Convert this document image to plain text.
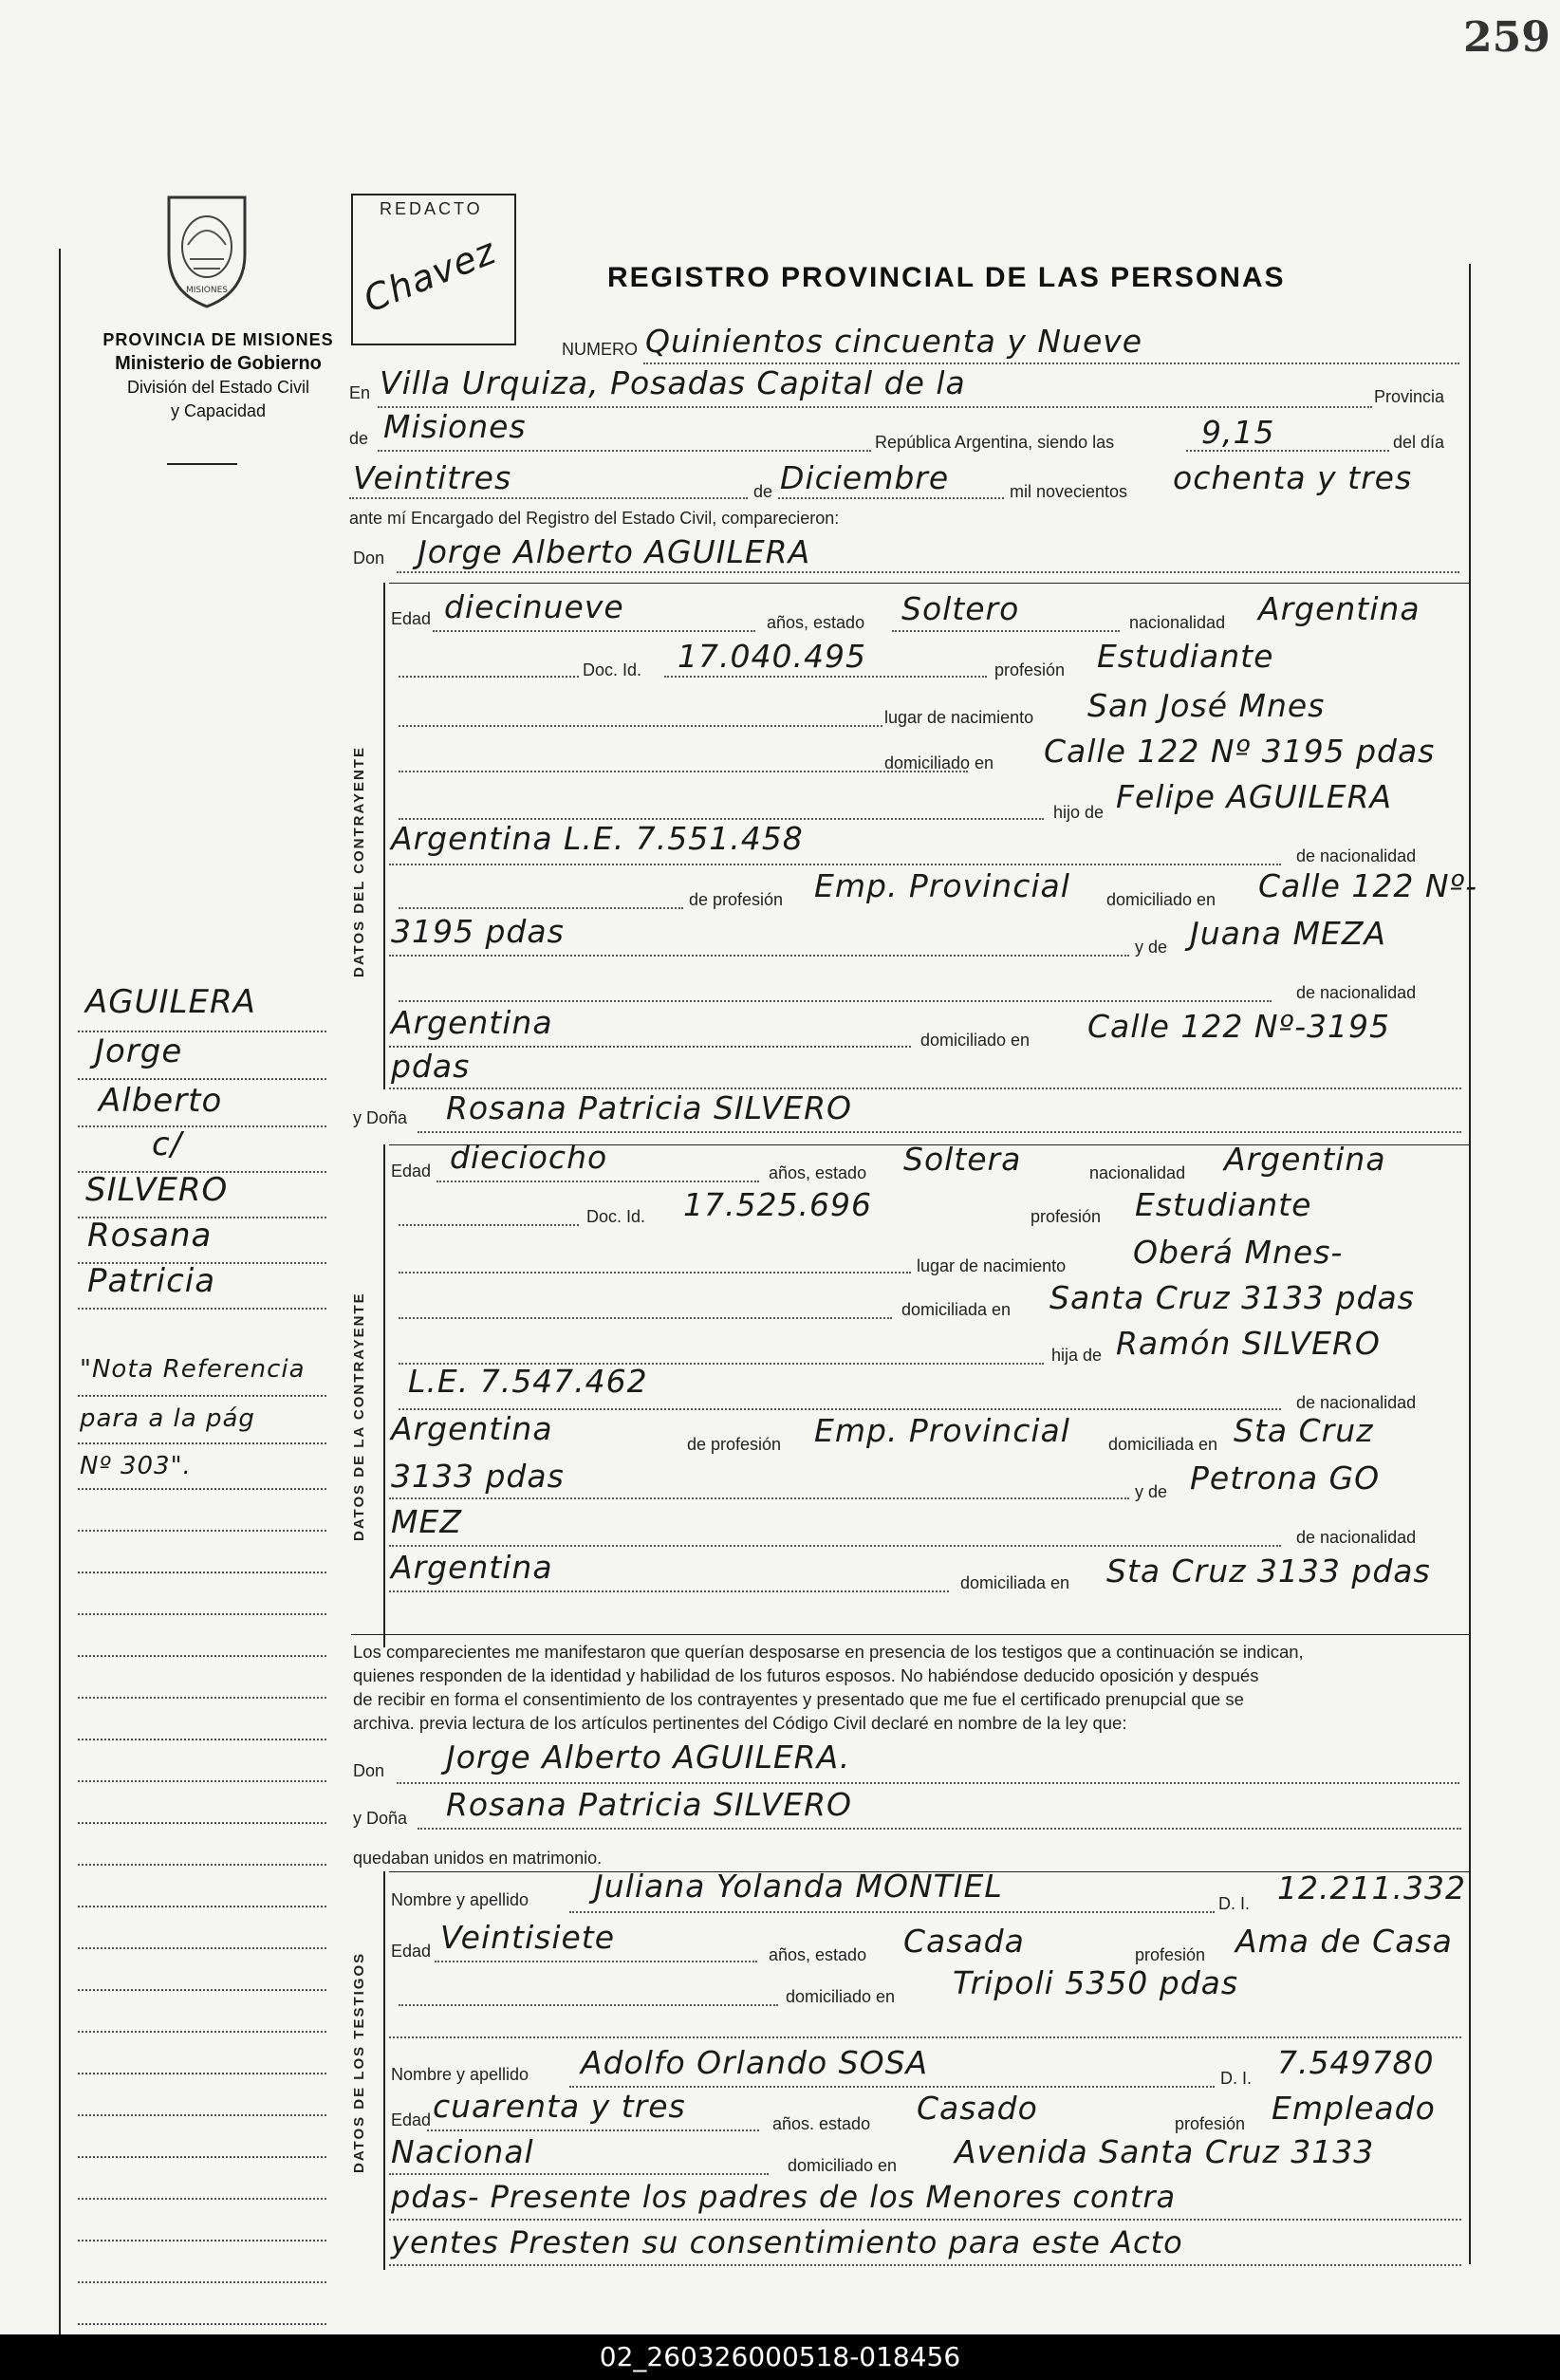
259
MISIONES
PROVINCIA DE MISIONES
Ministerio de Gobierno
División del Estado Civil
y Capacidad
REDACTO
Chavez	REGISTRO PROVINCIAL DE LAS PERSONAS
NUMERO Quinientos cincuenta y Nueve
En Villa Urquiza, Posadas Capital de la	Provincia
de Misiones	República Argentina, siendo las	9,15	del día
Veintitres	de Diciembre	mil novecientos ochenta y tres
ante mí Encargado del Registro del Estado Civil, comparecieron:
Don Jorge Alberto AGUILERA
DATOS DEL CONTRAYENTE
Edad diecinueve	años, estado Soltero	nacionalidad Argentina
Doc. Id. 17.040.495	profesión Estudiante
lugar de nacimiento San José Mnes
domiciliado en Calle 122 Nº 3195 pdas
hijo de Felipe AGUILERA
Argentina L.E. 7.551.458	de nacionalidad
de profesión Emp. Provincial domiciliado en Calle 122 Nº-
3195 pdas	y de Juana MEZA
de nacionalidad
Argentina	domiciliado en Calle 122 Nº-3195
pdas
y Doña Rosana Patricia SILVERO
DATOS DE LA CONTRAYENTE
Edad dieciocho	años, estado Soltera	nacionalidad Argentina
Doc. Id. 17.525.696	profesión Estudiante
lugar de nacimiento Oberá Mnes-
domiciliada en Santa Cruz 3133 pdas
hija de Ramón SILVERO
L.E. 7.547.462
de nacionalidad
Argentina	de profesión Emp. Provincial domiciliada en Sta Cruz
3133 pdas	y de Petrona GO
MEZ	de nacionalidad
Argentina	domiciliada en Sta Cruz 3133 pdas
Los comparecientes me manifestaron que querían desposarse en presencia de los testigos que a continuación se indican,
quienes responden de la identidad y habilidad de los futuros esposos. No habiéndose deducido oposición y después
de recibir en forma el consentimiento de los contrayentes y presentado que me fue el certificado prenupcial que se
archiva. previa lectura de los artículos pertinentes del Código Civil declaré en nombre de la ley que:
Don Jorge Alberto AGUILERA.
y Doña Rosana Patricia SILVERO
quedaban unidos en matrimonio.
DATOS DE LOS TESTIGOS
Nombre y apellido Juliana Yolanda MONTIEL	D. I. 12.211.332
Edad Veintisiete	años, estado Casada	profesión Ama de Casa
domiciliado en Tripoli 5350 pdas
Nombre y apellido Adolfo Orlando SOSA	D. I. 7.549780
Edad cuarenta y tres	años. estado Casado	profesión Empleado
Nacional	domiciliado en Avenida Santa Cruz 3133
pdas- Presente los padres de los Menores contra
yentes Presten su consentimiento para este Acto
AGUILERA
Jorge
Alberto
c/
SILVERO
Rosana
Patricia
"Nota Referencia
para a la pág
Nº 303".
02_260326000518-018456
